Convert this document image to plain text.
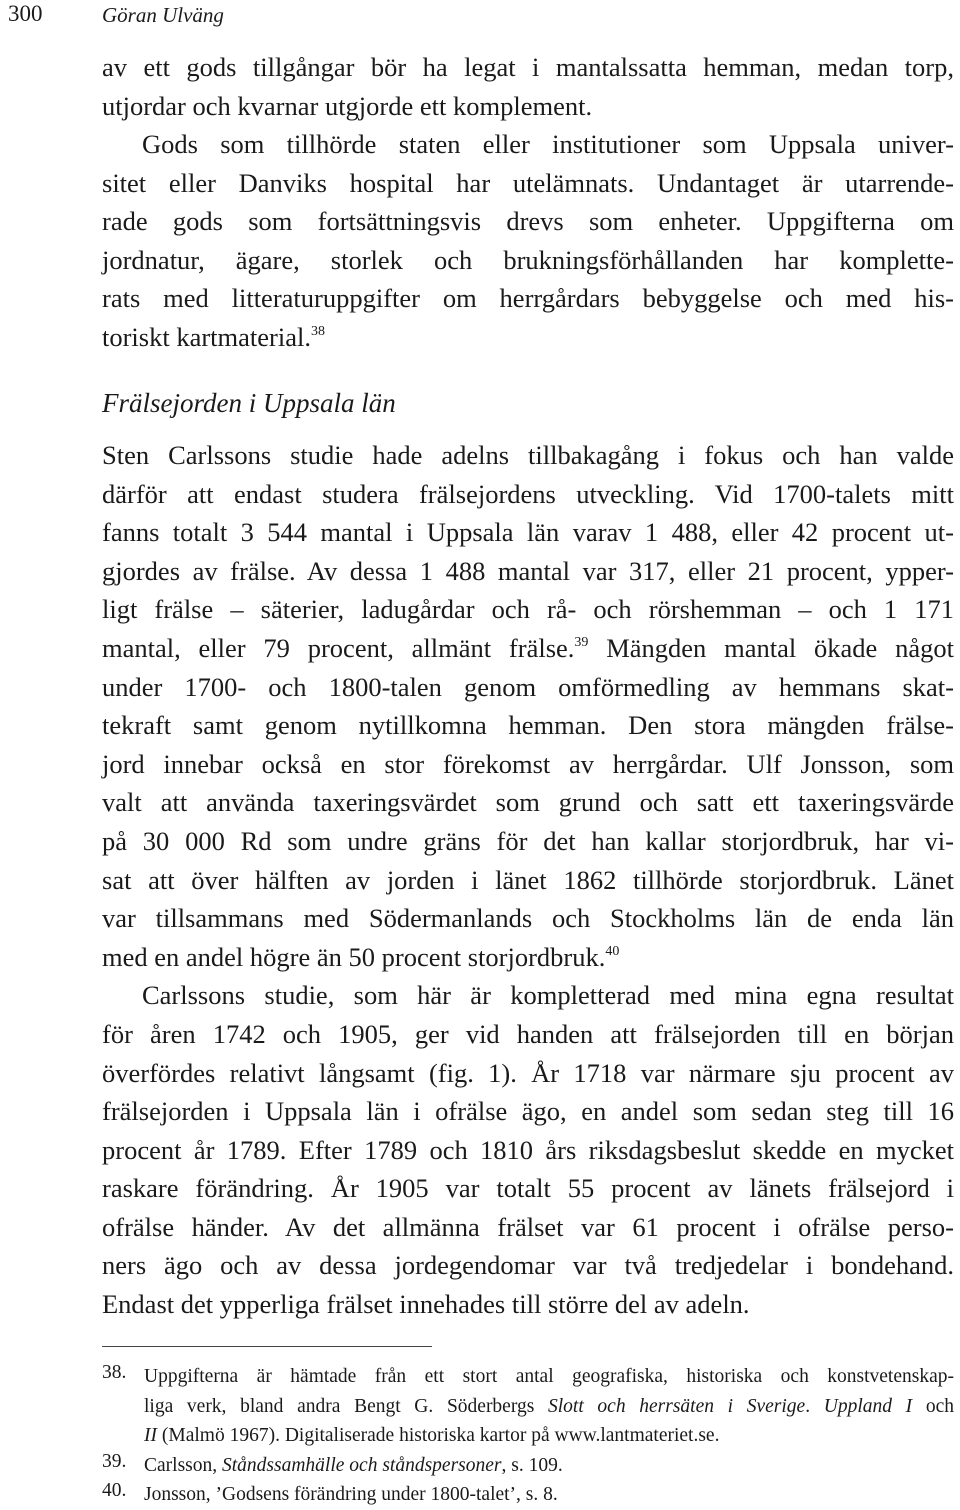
300	Göran Ulväng
av ett gods tillgångar bör ha legat i mantalssatta hemman, medan torp,
utjordar och kvarnar utgjorde ett komplement.
Gods som tillhörde staten eller institutioner som Uppsala univer-
sitet eller Danviks hospital har utelämnats. Undantaget är utarrende-
rade gods som fortsättningsvis drevs som enheter. Uppgifterna om
jordnatur, ägare, storlek och brukningsförhållanden har komplette-
rats med litteraturuppgifter om herrgårdars bebyggelse och med his-
toriskt kartmaterial.$^{38}$
Frälsejorden i Uppsala län
Sten Carlssons studie hade adelns tillbakagång i fokus och han valde
därför att endast studera frälsejordens utveckling. Vid 1700-talets mitt
fanns totalt 3 544 mantal i Uppsala län varav 1 488, eller 42 procent ut-
gjordes av frälse. Av dessa 1 488 mantal var 317, eller 21 procent, ypper-
ligt frälse – säterier, ladugårdar och rå- och rörshemman – och 1 171
mantal, eller 79 procent, allmänt frälse.$^{39}$ Mängden mantal ökade något
under 1700- och 1800-talen genom omförmedling av hemmans skat-
tekraft samt genom nytillkomna hemman. Den stora mängden frälse-
jord innebar också en stor förekomst av herrgårdar. Ulf Jonsson, som
valt att använda taxeringsvärdet som grund och satt ett taxeringsvärde
på 30 000 Rd som undre gräns för det han kallar storjordbruk, har vi-
sat att över hälften av jorden i länet 1862 tillhörde storjordbruk. Länet
var tillsammans med Södermanlands och Stockholms län de enda län
med en andel högre än 50 procent storjordbruk.$^{40}$
Carlssons studie, som här är kompletterad med mina egna resultat
för åren 1742 och 1905, ger vid handen att frälsejorden till en början
överfördes relativt långsamt (fig. 1). År 1718 var närmare sju procent av
frälsejorden i Uppsala län i ofrälse ägo, en andel som sedan steg till 16
procent år 1789. Efter 1789 och 1810 års riksdagsbeslut skedde en mycket
raskare förändring. År 1905 var totalt 55 procent av länets frälsejord i
ofrälse händer. Av det allmänna frälset var 61 procent i ofrälse perso-
ners ägo och av dessa jordegendomar var två tredjedelar i bondehand.
Endast det ypperliga frälset innehades till större del av adeln.
38. Uppgifterna är hämtade från ett stort antal geografiska, historiska och konstvetenskap-
liga verk, bland andra Bengt G. Söderbergs Slott och herrsäten i Sverige. Uppland I och
II (Malmö 1967). Digitaliserade historiska kartor på www.lantmateriet.se.
39. Carlsson, Ståndssamhälle och ståndspersoner, s. 109.
40. Jonsson, ’Godsens förändring under 1800-talet’, s. 8.
